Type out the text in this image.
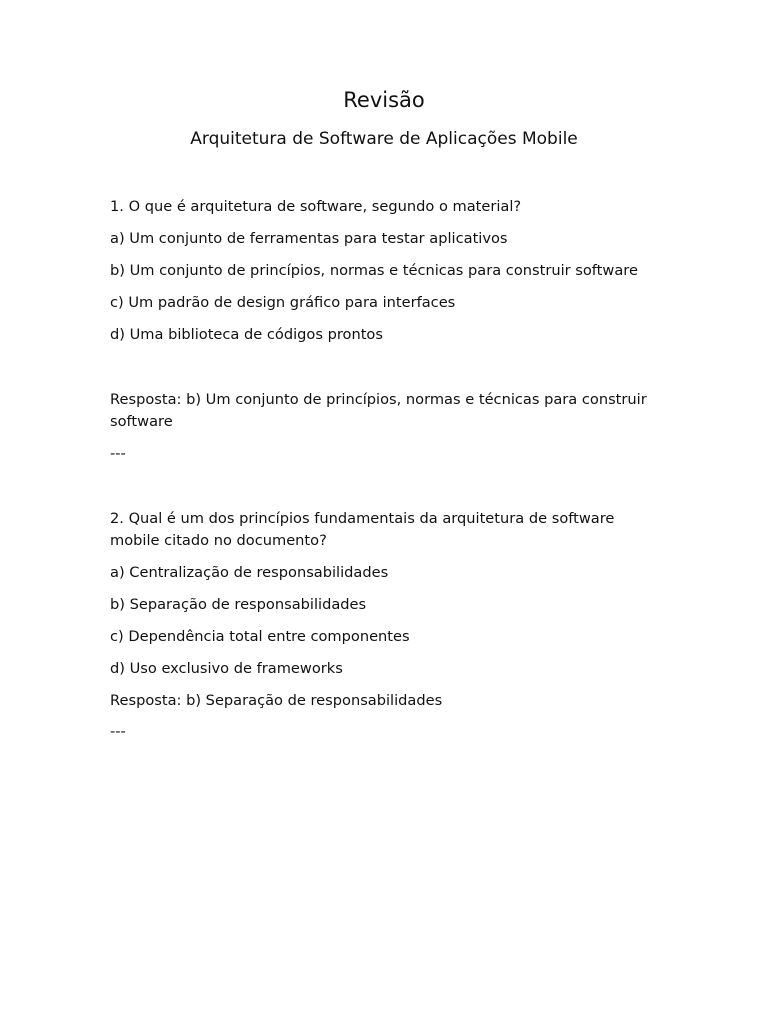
Revisão
Arquitetura de Software de Aplicações Mobile
1. O que é arquitetura de software, segundo o material?
a) Um conjunto de ferramentas para testar aplicativos
b) Um conjunto de princípios, normas e técnicas para construir software
c) Um padrão de design gráfico para interfaces
d) Uma biblioteca de códigos prontos
Resposta: b) Um conjunto de princípios, normas e técnicas para construir software
---
2. Qual é um dos princípios fundamentais da arquitetura de software mobile citado no documento?
a) Centralização de responsabilidades
b) Separação de responsabilidades
c) Dependência total entre componentes
d) Uso exclusivo de frameworks
Resposta: b) Separação de responsabilidades
---
